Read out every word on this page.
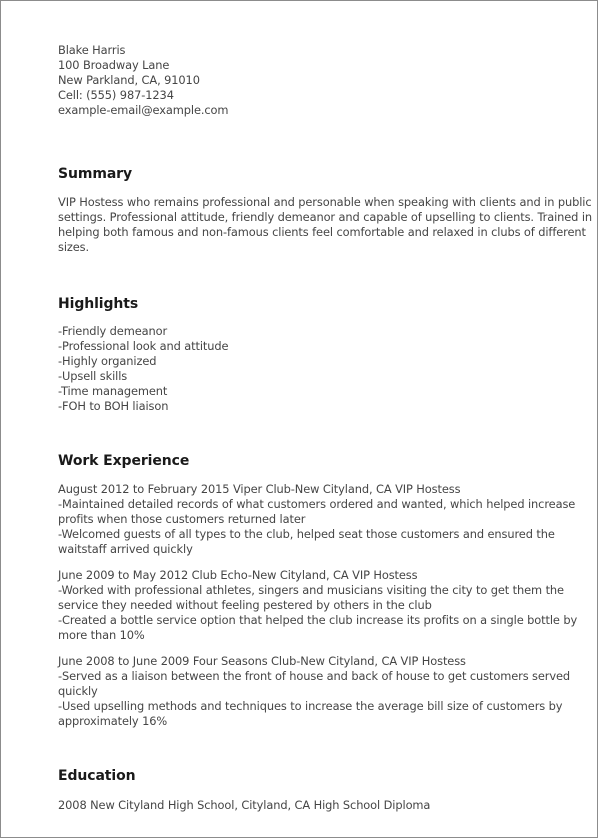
Blake Harris
100 Broadway Lane
New Parkland, CA, 91010
Cell: (555) 987-1234
example-email@example.com
Summary

VIP Hostess who remains professional and personable when speaking with clients and in public settings. Professional attitude, friendly demeanor and capable of upselling to clients. Trained in helping both famous and non-famous clients feel comfortable and relaxed in clubs of different sizes.

Highlights
-Friendly demeanor
-Professional look and attitude
-Highly organized
-Upsell skills
-Time management
-FOH to BOH liaison
Work Experience
August 2012 to February 2015 Viper Club-New Cityland, CA VIP Hostess
-Maintained detailed records of what customers ordered and wanted, which helped increase profits when those customers returned later
-Welcomed guests of all types to the club, helped seat those customers and ensured the waitstaff arrived quickly
June 2009 to May 2012 Club Echo-New Cityland, CA VIP Hostess
-Worked with professional athletes, singers and musicians visiting the city to get them the service they needed without feeling pestered by others in the club
-Created a bottle service option that helped the club increase its profits on a single bottle by more than 10%
June 2008 to June 2009 Four Seasons Club-New Cityland, CA VIP Hostess
-Served as a liaison between the front of house and back of house to get customers served quickly
-Used upselling methods and techniques to increase the average bill size of customers by approximately 16%
Education

2008 New Cityland High School, Cityland, CA High School Diploma
